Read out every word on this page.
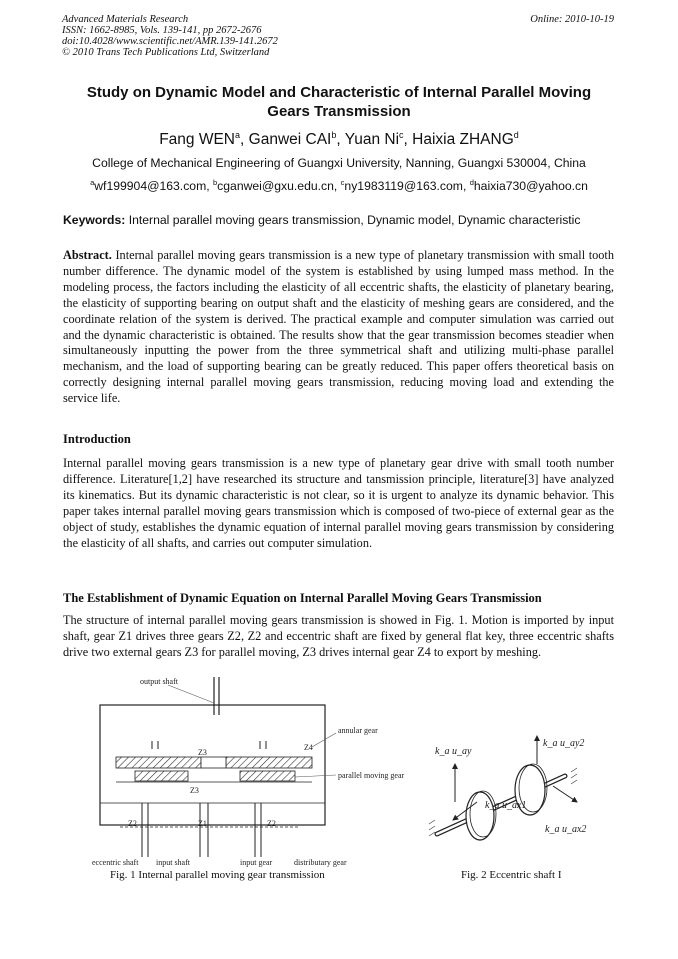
Advanced Materials Research
ISSN: 1662-8985, Vols. 139-141, pp 2672-2676
doi:10.4028/www.scientific.net/AMR.139-141.2672
© 2010 Trans Tech Publications Ltd, Switzerland
Online: 2010-10-19
Study on Dynamic Model and Characteristic of Internal Parallel Moving
Gears Transmission
Fang WEN$^a$, Ganwei CAI$^b$, Yuan Ni$^c$, Haixia ZHANG$^d$
College of Mechanical Engineering of Guangxi University, Nanning, Guangxi 530004, China
$^a$wf199904@163.com, $^b$cganwei@gxu.edu.cn, $^c$ny1983119@163.com, $^d$haixia730@yahoo.cn
Keywords: Internal parallel moving gears transmission, Dynamic model, Dynamic characteristic
Abstract. Internal parallel moving gears transmission is a new type of planetary transmission with small tooth number difference. The dynamic model of the system is established by using lumped mass method. In the modeling process, the factors including the elasticity of all eccentric shafts, the elasticity of planetary bearing, the elasticity of supporting bearing on output shaft and the elasticity of meshing gears are considered, and the coordinate relation of the system is derived. The practical example and computer simulation was carried out and the dynamic characteristic is obtained. The results show that the gear transmission becomes steadier when simultaneously inputting the power from the three symmetrical shaft and utilizing multi-phase parallel mechanism, and the load of supporting bearing can be greatly reduced. This paper offers theoretical basis on correctly designing internal parallel moving gears transmission, reducing moving load and extending the service life.
Introduction
Internal parallel moving gears transmission is a new type of planetary gear drive with small tooth number difference. Literature[1,2] have researched its structure and tansmission principle, literature[3] have analyzed its kinematics. But its dynamic characteristic is not clear, so it is urgent to analyze its dynamic behavior. This paper takes internal parallel moving gears transmission which is composed of two-piece of external gear as the object of study, establishes the dynamic equation of internal parallel moving gears transmission by considering the elasticity of all shafts, and carries out computer simulation.
The Establishment of Dynamic Equation on Internal Parallel Moving Gears Transmission
The structure of internal parallel moving gears transmission is showed in Fig. 1. Motion is imported by input shaft, gear Z1 drives three gears Z2, Z2 and eccentric shaft are fixed by general flat key, three eccentric shafts drive two external gears Z3 for parallel moving, Z3 drives internal gear Z4 to export by meshing.
output shaft
annular gear
parallel moving gear
Z4
Z3
Z3
Z2	Z1	Z2
eccentric shaft input shaft	input gear	distributary gear
Fig. 1 Internal parallel moving gear transmission
k_a u_ay
k_a u_ay2
k_a u_ax1
k_a u_ax2
Fig. 2 Eccentric shaft I
